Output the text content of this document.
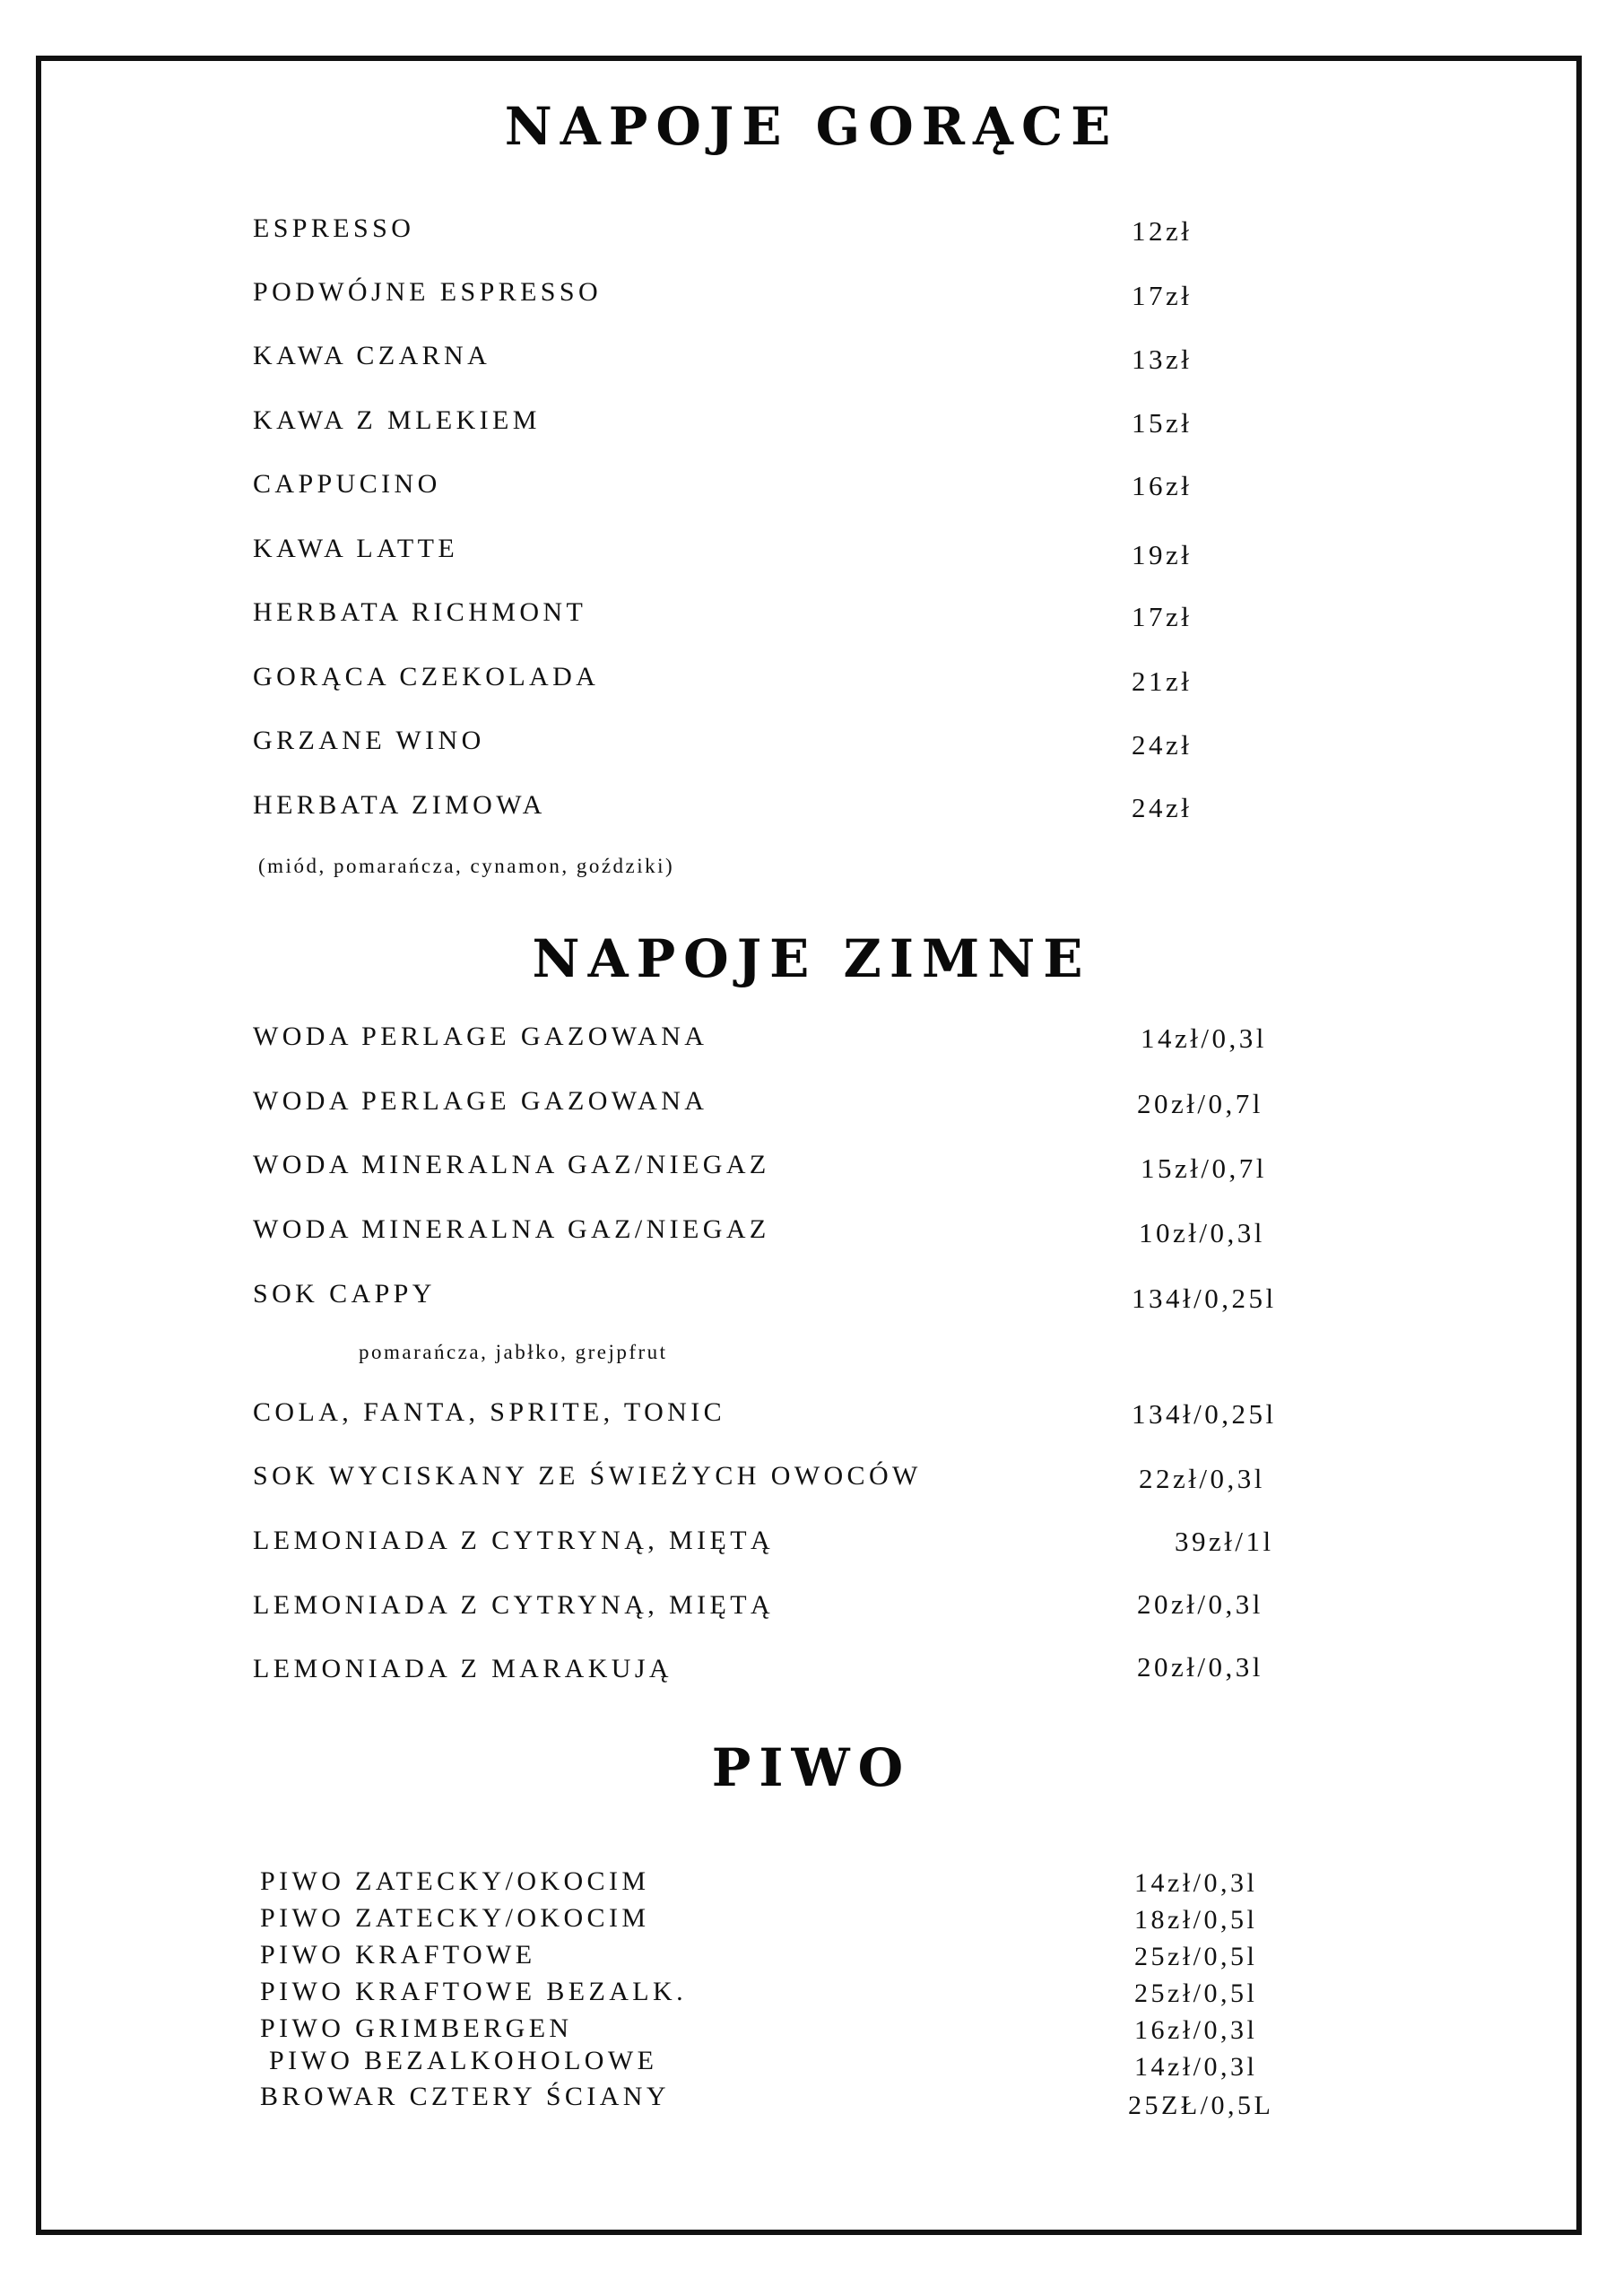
NAPOJE GORĄCE
ESPRESSO	12zł
PODWÓJNE ESPRESSO	17zł
KAWA CZARNA	13zł
KAWA Z MLEKIEM	15zł
CAPPUCINO	16zł
KAWA LATTE	19zł
HERBATA RICHMONT	17zł
GORĄCA CZEKOLADA	21zł
GRZANE WINO	24zł
HERBATA ZIMOWA	24zł
(miód, pomarańcza, cynamon, goździki)
NAPOJE ZIMNE
WODA PERLAGE GAZOWANA	14zł/0,3l
WODA PERLAGE GAZOWANA	20zł/0,7l
WODA MINERALNA GAZ/NIEGAZ	15zł/0,7l
WODA MINERALNA GAZ/NIEGAZ	10zł/0,3l
SOK CAPPY	134ł/0,25l
pomarańcza, jabłko, grejpfrut
COLA, FANTA, SPRITE, TONIC	134ł/0,25l
SOK WYCISKANY ZE ŚWIEŻYCH OWOCÓW	22zł/0,3l
LEMONIADA Z CYTRYNĄ, MIĘTĄ	39zł/1l
LEMONIADA Z CYTRYNĄ, MIĘTĄ	20zł/0,3l
LEMONIADA Z MARAKUJĄ	20zł/0,3l
PIWO
PIWO ZATECKY/OKOCIM	14zł/0,3l
PIWO ZATECKY/OKOCIM	18zł/0,5l
PIWO KRAFTOWE	25zł/0,5l
PIWO KRAFTOWE BEZALK.	25zł/0,5l
PIWO GRIMBERGEN	16zł/0,3l
PIWO BEZALKOHOLOWE	14zł/0,3l
BROWAR CZTERY ŚCIANY	25ZŁ/0,5L
